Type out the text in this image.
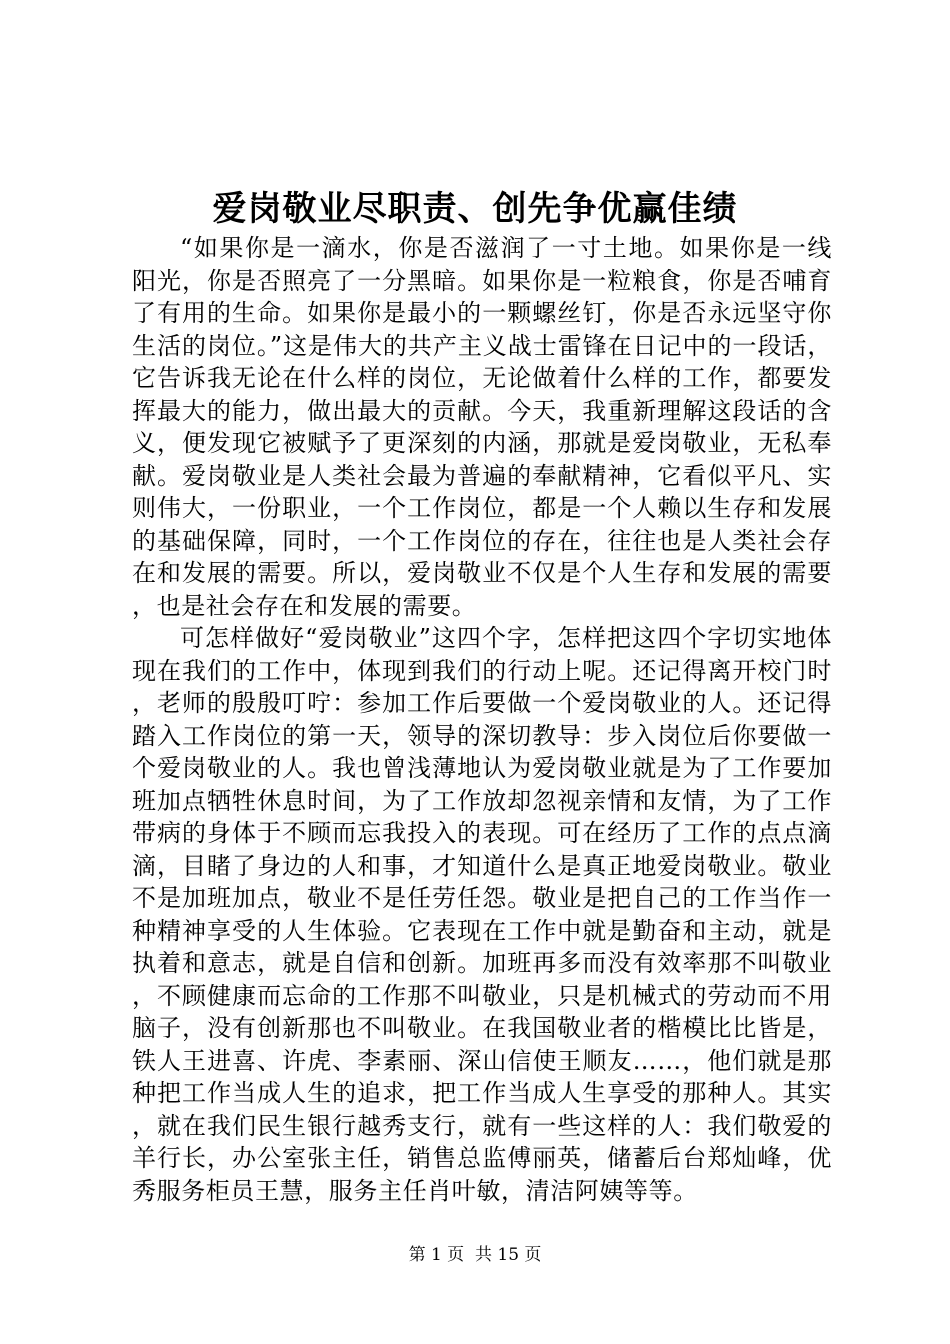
爱岗敬业尽职责、创先争优赢佳绩

“如果你是一滴水，你是否滋润了一寸土地。如果你是一线阳光，你是否照亮了一分黑暗。如果你是一粒粮食，你是否哺育了有用的生命。如果你是最小的一颗螺丝钉，你是否永远坚守你生活的岗位。”这是伟大的共产主义战士雷锋在日记中的一段话，它告诉我无论在什么样的岗位，无论做着什么样的工作，都要发挥最大的能力，做出最大的贡献。今天，我重新理解这段话的含义，便发现它被赋予了更深刻的内涵，那就是爱岗敬业，无私奉献。爱岗敬业是人类社会最为普遍的奉献精神，它看似平凡、实则伟大，一份职业，一个工作岗位，都是一个人赖以生存和发展的基础保障，同时，一个工作岗位的存在，往往也是人类社会存在和发展的需要。所以，爱岗敬业不仅是个人生存和发展的需要，也是社会存在和发展的需要。

可怎样做好“爱岗敬业”这四个字，怎样把这四个字切实地体现在我们的工作中，体现到我们的行动上呢。还记得离开校门时，老师的殷殷叮咛：参加工作后要做一个爱岗敬业的人。还记得踏入工作岗位的第一天，领导的深切教导：步入岗位后你要做一个爱岗敬业的人。我也曾浅薄地认为爱岗敬业就是为了工作要加班加点牺牲休息时间，为了工作放却忽视亲情和友情，为了工作带病的身体于不顾而忘我投入的表现。可在经历了工作的点点滴滴，目睹了身边的人和事，才知道什么是真正地爱岗敬业。敬业不是加班加点，敬业不是任劳任怨。敬业是把自己的工作当作一种精神享受的人生体验。它表现在工作中就是勤奋和主动，就是执着和意志，就是自信和创新。加班再多而没有效率那不叫敬业，不顾健康而忘命的工作那不叫敬业，只是机械式的劳动而不用脑子，没有创新那也不叫敬业。在我国敬业者的楷模比比皆是，铁人王进喜、许虎、李素丽、深山信使王顺友……，他们就是那种把工作当成人生的追求，把工作当成人生享受的那种人。其实，就在我们民生银行越秀支行，就有一些这样的人：我们敬爱的羊行长，办公室张主任，销售总监傅丽英，储蓄后台郑灿峰，优秀服务柜员王慧，服务主任肖叶敏，清洁阿姨等等。

第 1 页  共 15 页
